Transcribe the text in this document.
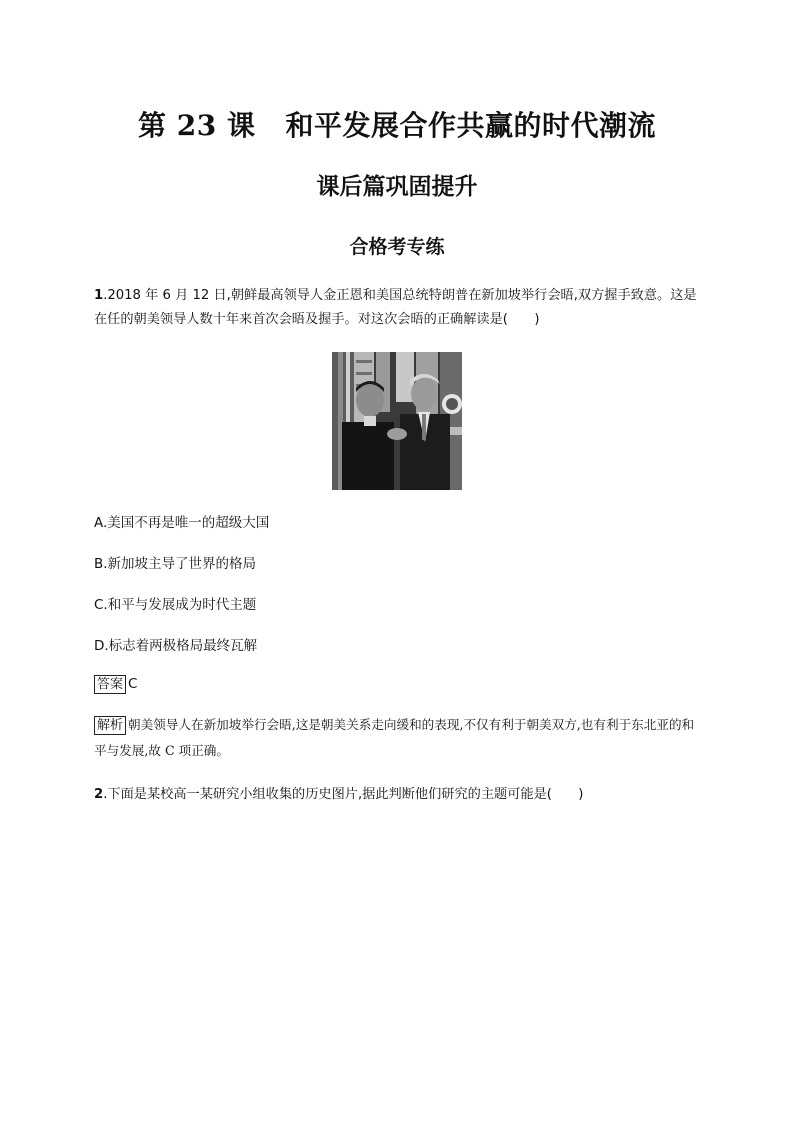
第 23 课 和平发展合作共赢的时代潮流
课后篇巩固提升
合格考专练
1.2018 年 6 月 12 日,朝鲜最高领导人金正恩和美国总统特朗普在新加坡举行会晤,双方握手致意。这是在任的朝美领导人数十年来首次会晤及握手。对这次会晤的正确解读是(　　)
A.美国不再是唯一的超级大国
B.新加坡主导了世界的格局
C.和平与发展成为时代主题
D.标志着两极格局最终瓦解
答案 C
解析 朝美领导人在新加坡举行会晤,这是朝美关系走向缓和的表现,不仅有利于朝美双方,也有利于东北亚的和平与发展,故 C 项正确。
2.下面是某校高一某研究小组收集的历史图片,据此判断他们研究的主题可能是(　　)
